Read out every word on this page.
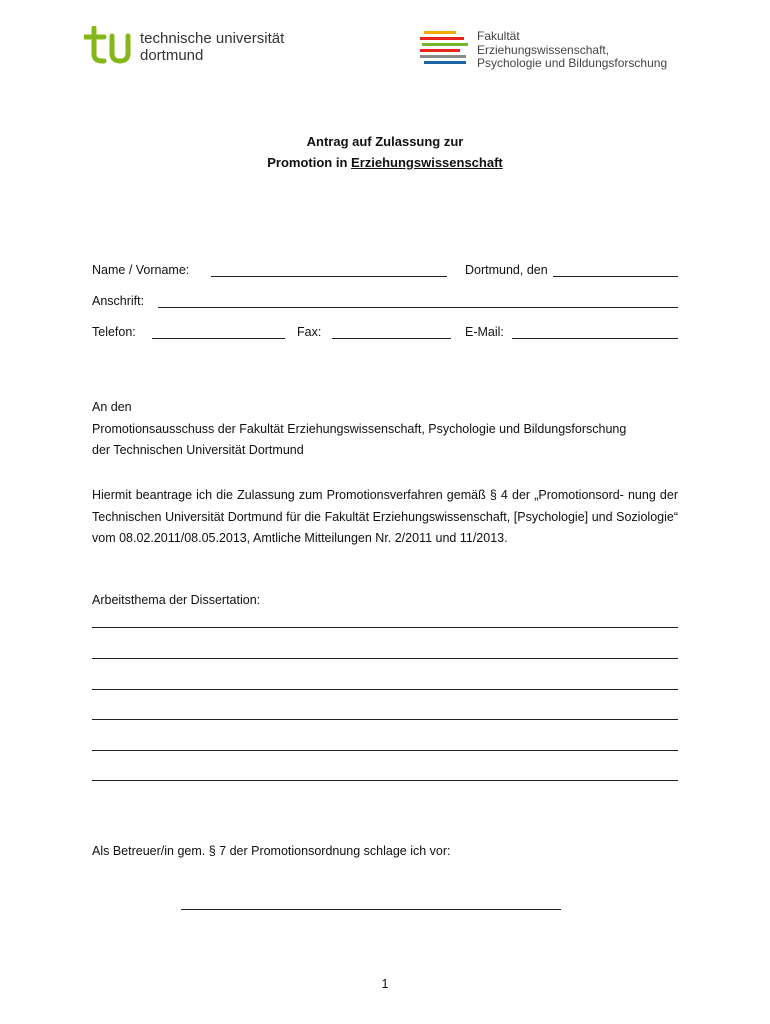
technische universität
dortmund
Fakultät
Erziehungswissenschaft,
Psychologie und Bildungsforschung
Antrag auf Zulassung zur
Promotion in Erziehungswissenschaft
Name / Vorname:	Dortmund, den
Anschrift:
Telefon:	Fax:	E-Mail:
An den
Promotionsausschuss der Fakultät Erziehungswissenschaft, Psychologie und Bildungsforschung
der Technischen Universität Dortmund
Hiermit beantrage ich die Zulassung zum Promotionsverfahren gemäß § 4 der „Promotionsord- nung der Technischen Universität Dortmund für die Fakultät Erziehungswissenschaft, [Psychologie] und Soziologie“ vom 08.02.2011/08.05.2013, Amtliche Mitteilungen Nr. 2/2011 und 11/2013.
Arbeitsthema der Dissertation:
Als Betreuer/in gem. § 7 der Promotionsordnung schlage ich vor:
1
